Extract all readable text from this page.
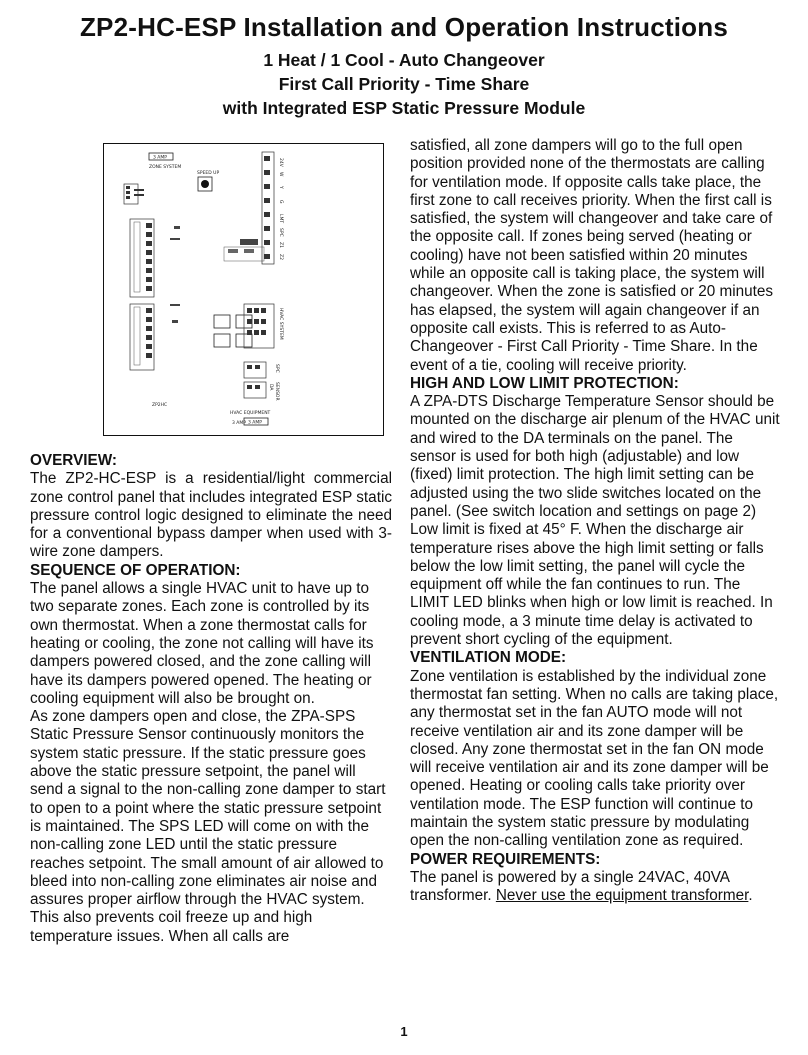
ZP2-HC-ESP Installation and Operation Instructions
1 Heat / 1 Cool - Auto Changeover
First Call Priority - Time Share
with Integrated ESP Static Pressure Module
3 AMP
ZONE SYSTEM
SPEED UP
24V
W
Y
G
LMT
SPC
Z1
Z2
HVAC SYSTEM
SPC
DA SENSOR
ZP2HC
HVAC EQUIPMENT
3 AMP 3 AMP

OVERVIEW:

The ZP2-HC-ESP is a residential/light commercial zone control panel that includes integrated ESP static pressure control logic designed to eliminate the need for a conventional bypass damper when used with 3-wire zone dampers.

SEQUENCE OF OPERATION:

The panel allows a single HVAC unit to have up to two separate zones. Each zone is controlled by its own thermostat. When a zone thermostat calls for heating or cooling, the zone not calling will have its dampers powered closed, and the zone calling will have its dampers powered opened. The heating or cooling equipment will also be brought on.

As zone dampers open and close, the ZPA-SPS Static Pressure Sensor continuously monitors the system static pressure. If the static pressure goes above the static pressure setpoint, the panel will send a signal to the non-calling zone damper to start to open to a point where the static pressure setpoint is maintained. The SPS LED will come on with the non-calling zone LED until the static pressure reaches setpoint. The small amount of air allowed to bleed into non-calling zone eliminates air noise and assures proper airflow through the HVAC system. This also prevents coil freeze up and high temperature issues. When all calls are

satisfied, all zone dampers will go to the full open position provided none of the thermostats are calling for ventilation mode. If opposite calls take place, the first zone to call receives priority. When the first call is satisfied, the system will changeover and take care of the opposite call. If zones being served (heating or cooling) have not been satisfied within 20 minutes while an opposite call is taking place, the system will changeover. When the zone is satisfied or 20 minutes has elapsed, the system will again changeover if an opposite call exists. This is referred to as Auto-Changeover - First Call Priority - Time Share. In the event of a tie, cooling will receive priority.

HIGH AND LOW LIMIT PROTECTION:

A ZPA-DTS Discharge Temperature Sensor should be mounted on the discharge air plenum of the HVAC unit and wired to the DA terminals on the panel. The sensor is used for both high (adjustable) and low (fixed) limit protection. The high limit setting can be adjusted using the two slide switches located on the panel. (See switch location and settings on page 2) Low limit is fixed at 45° F. When the discharge air temperature rises above the high limit setting or falls below the low limit setting, the panel will cycle the equipment off while the fan continues to run. The LIMIT LED blinks when high or low limit is reached. In cooling mode, a 3 minute time delay is activated to prevent short cycling of the equipment.

VENTILATION MODE:

Zone ventilation is established by the individual zone thermostat fan setting. When no calls are taking place, any thermostat set in the fan AUTO mode will not receive ventilation air and its zone damper will be closed. Any zone thermostat set in the fan ON mode will receive ventilation air and its zone damper will be opened. Heating or cooling calls take priority over ventilation mode. The ESP function will continue to maintain the system static pressure by modulating open the non-calling ventilation zone as required.

POWER REQUIREMENTS:

The panel is powered by a single 24VAC, 40VA transformer. Never use the equipment transformer.

1
